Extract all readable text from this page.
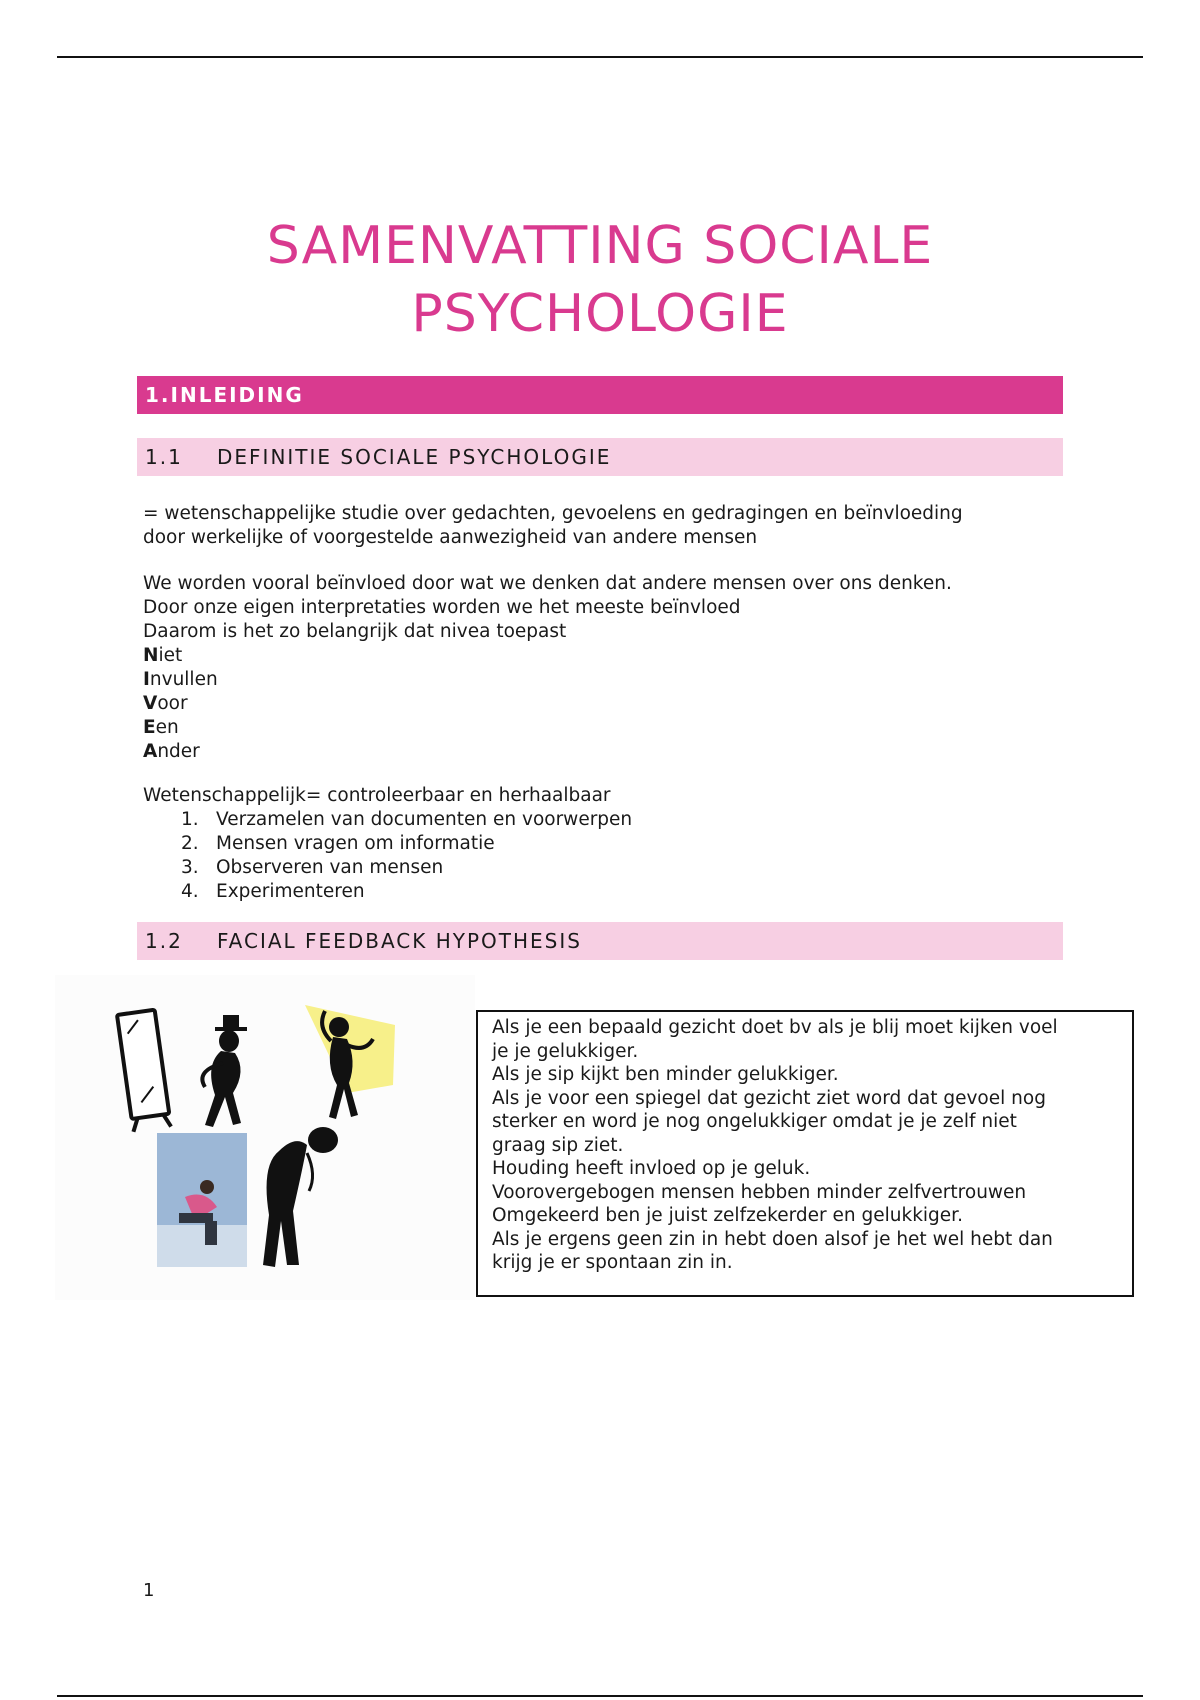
SAMENVATTING SOCIALE
PSYCHOLOGIE
1.INLEIDING
1.1 DEFINITIE SOCIALE PSYCHOLOGIE

= wetenschappelijke studie over gedachten, gevoelens en gedragingen en beïnvloeding

door werkelijke of voorgestelde aanwezigheid van andere mensen

We worden vooral beïnvloed door wat we denken dat andere mensen over ons denken.

Door onze eigen interpretaties worden we het meeste beïnvloed

Daarom is het zo belangrijk dat nivea toepast

Niet

Invullen

Voor

Een

Ander

Wetenschappelijk= controleerbaar en herhaalbaar

1. Verzamelen van documenten en voorwerpen
2. Mensen vragen om informatie
3. Observeren van mensen
4. Experimenteren
1.2 FACIAL FEEDBACK HYPOTHESIS

Als je een bepaald gezicht doet bv als je blij moet kijken voel

je je gelukkiger.

Als je sip kijkt ben minder gelukkiger.

Als je voor een spiegel dat gezicht ziet word dat gevoel nog

sterker en word je nog ongelukkiger omdat je je zelf niet

graag sip ziet.

Houding heeft invloed op je geluk.

Voorovergebogen mensen hebben minder zelfvertrouwen

Omgekeerd ben je juist zelfzekerder en gelukkiger.

Als je ergens geen zin in hebt doen alsof je het wel hebt dan

krijg je er spontaan zin in.

1
